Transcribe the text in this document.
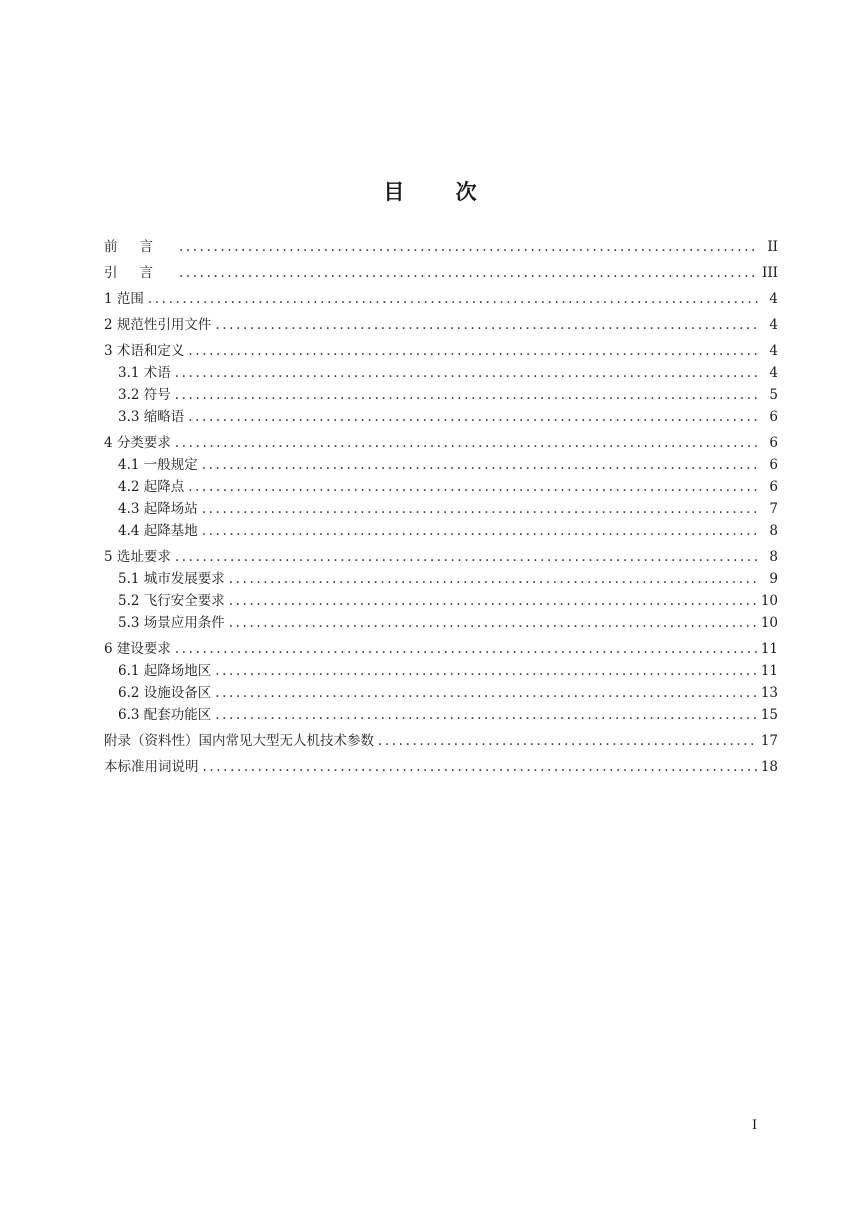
目 次
前言 .....	II
引言 .....	III
1 范围 .....	4
2 规范性引用文件 .....	4
3 术语和定义 .....	4
3.1 术语 .....	4
3.2 符号 .....	5
3.3 缩略语 .....	6
4 分类要求 .....	6
4.1 一般规定 .....	6
4.2 起降点 .....	6
4.3 起降场站 .....	7
4.4 起降基地 .....	8
5 选址要求 .....	8
5.1 城市发展要求 .....	9
5.2 飞行安全要求 .....	10
5.3 场景应用条件 .....	10
6 建设要求 .....	11
6.1 起降场地区 .....	11
6.2 设施设备区 .....	13
6.3 配套功能区 .....	15
附录（资料性）国内常见大型无人机技术参数 .....	17
本标准用词说明 .....	18
I
